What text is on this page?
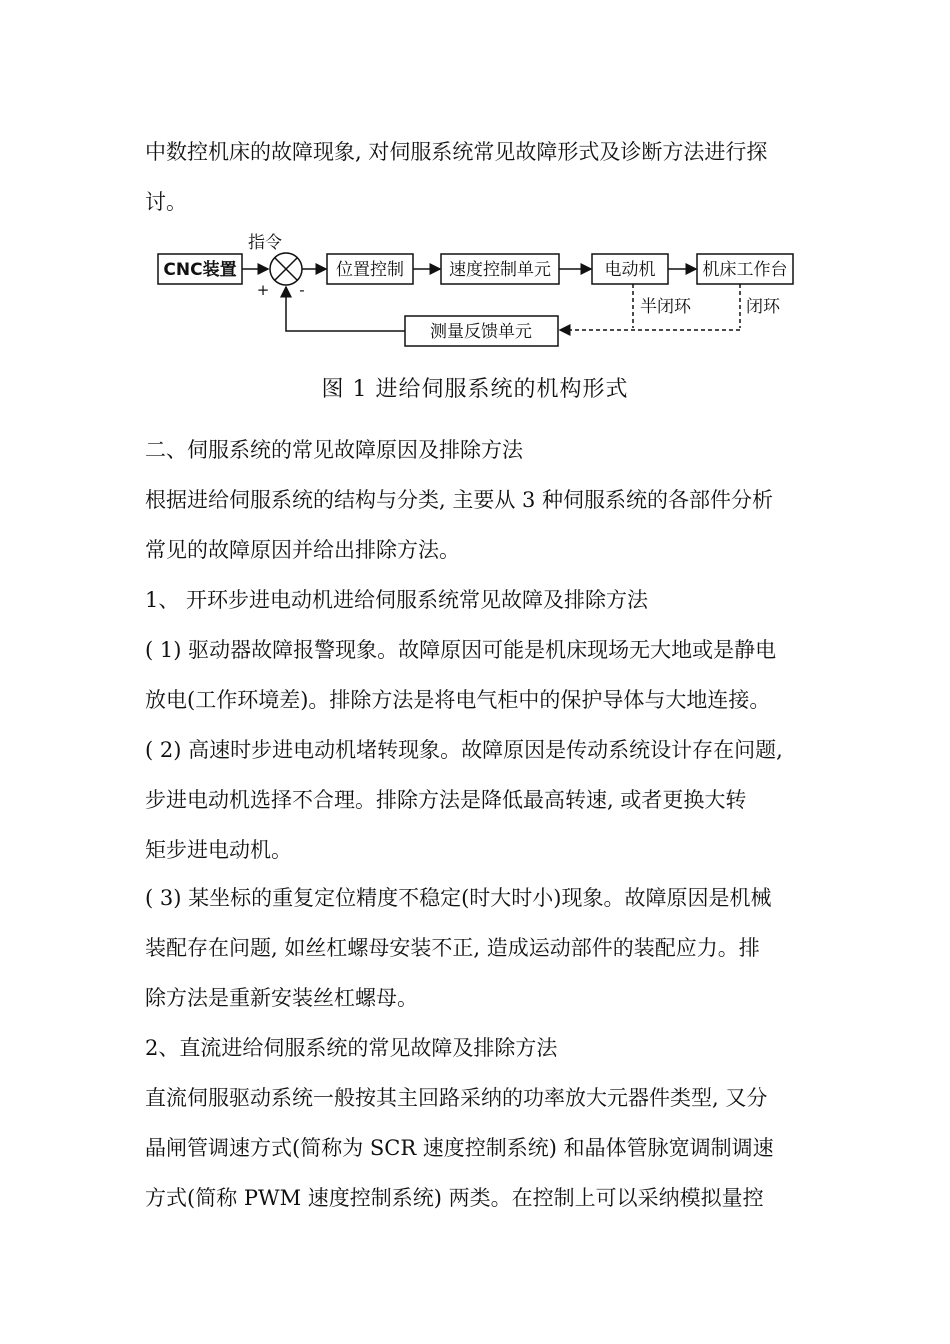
中数控机床的故障现象, 对伺服系统常见故障形式及诊断方法进行探
讨。
CNC装置
指令
+ -
位置控制	速度控制单元	电动机	机床工作台
半闭环	闭环
测量反馈单元
图 1 进给伺服系统的机构形式
二、伺服系统的常见故障原因及排除方法
根据进给伺服系统的结构与分类, 主要从 3 种伺服系统的各部件分析
常见的故障原因并给出排除方法。
1、 开环步进电动机进给伺服系统常见故障及排除方法
( 1) 驱动器故障报警现象。故障原因可能是机床现场无大地或是静电
放电(工作环境差)。排除方法是将电气柜中的保护导体与大地连接。
( 2) 高速时步进电动机堵转现象。故障原因是传动系统设计存在问题,
步进电动机选择不合理。排除方法是降低最高转速, 或者更换大转
矩步进电动机。
( 3) 某坐标的重复定位精度不稳定(时大时小)现象。故障原因是机械
装配存在问题, 如丝杠螺母安装不正, 造成运动部件的装配应力。排
除方法是重新安装丝杠螺母。
2、直流进给伺服系统的常见故障及排除方法
直流伺服驱动系统一般按其主回路采纳的功率放大元器件类型, 又分
晶闸管调速方式(简称为 SCR 速度控制系统) 和晶体管脉宽调制调速
方式(简称 PWM 速度控制系统) 两类。在控制上可以采纳模拟量控
